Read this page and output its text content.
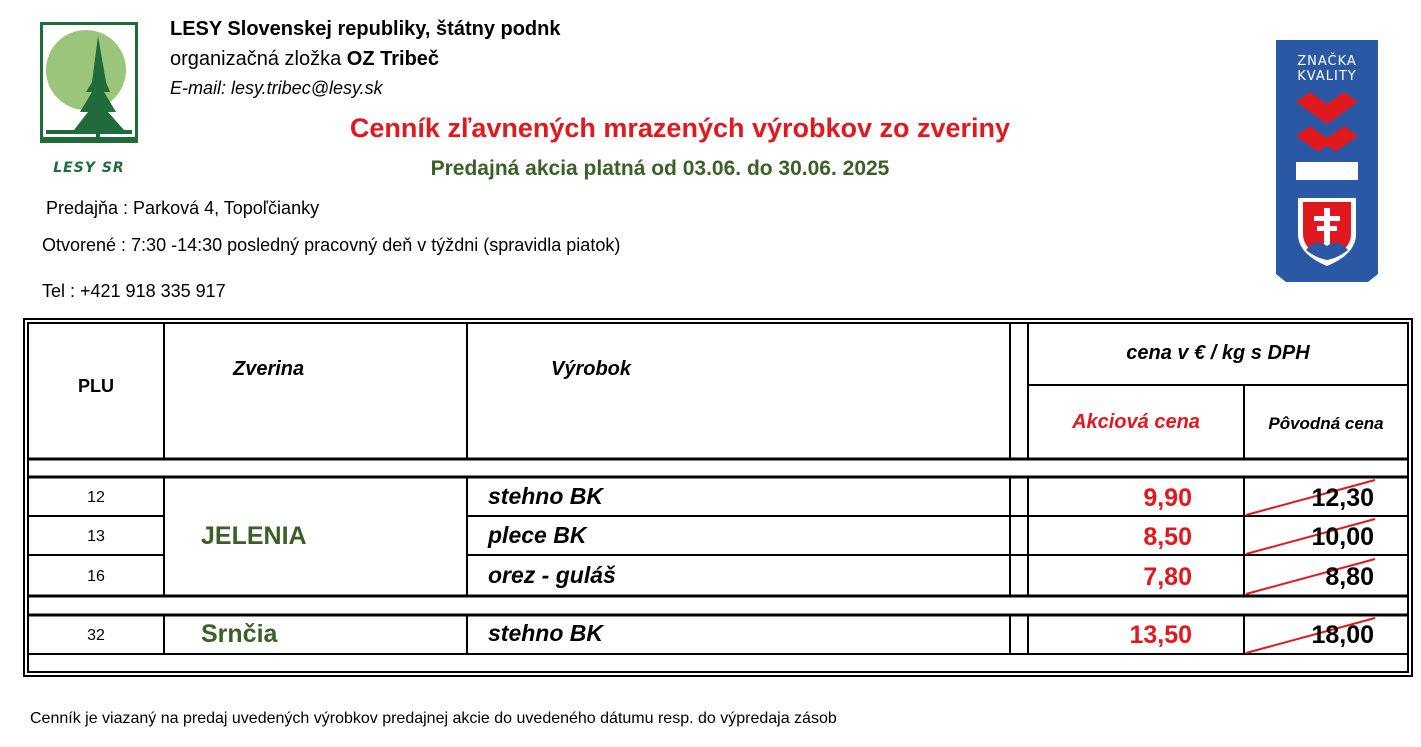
LESY SR
LESY Slovenskej republiky, štátny podnk
organizačná zložka OZ Tribeč
E-mail: lesy.tribec@lesy.sk
Cenník zľavnených mrazených výrobkov zo zveriny
Predajná akcia platná od 03.06. do 30.06. 2025
Predajňa : Parková 4, Topoľčianky
Otvorené : 7:30 -14:30 posledný pracovný deň v týždni (spravidla piatok)
Tel : +421 918 335 917
ZNAČKA
KVALITY
PLU
Zverina	Výrobok
cena v € / kg s DPH
Akciová cena	Pôvodná cena
JELENIA
12	stehno BK	9,90	12,30
13	plece BK	8,50	10,00
16	orez - guláš	7,80	8,80
32	Srnčia	stehno BK	13,50	18,00
Cenník je viazaný na predaj uvedených výrobkov predajnej akcie do uvedeného dátumu resp. do výpredaja zásob
